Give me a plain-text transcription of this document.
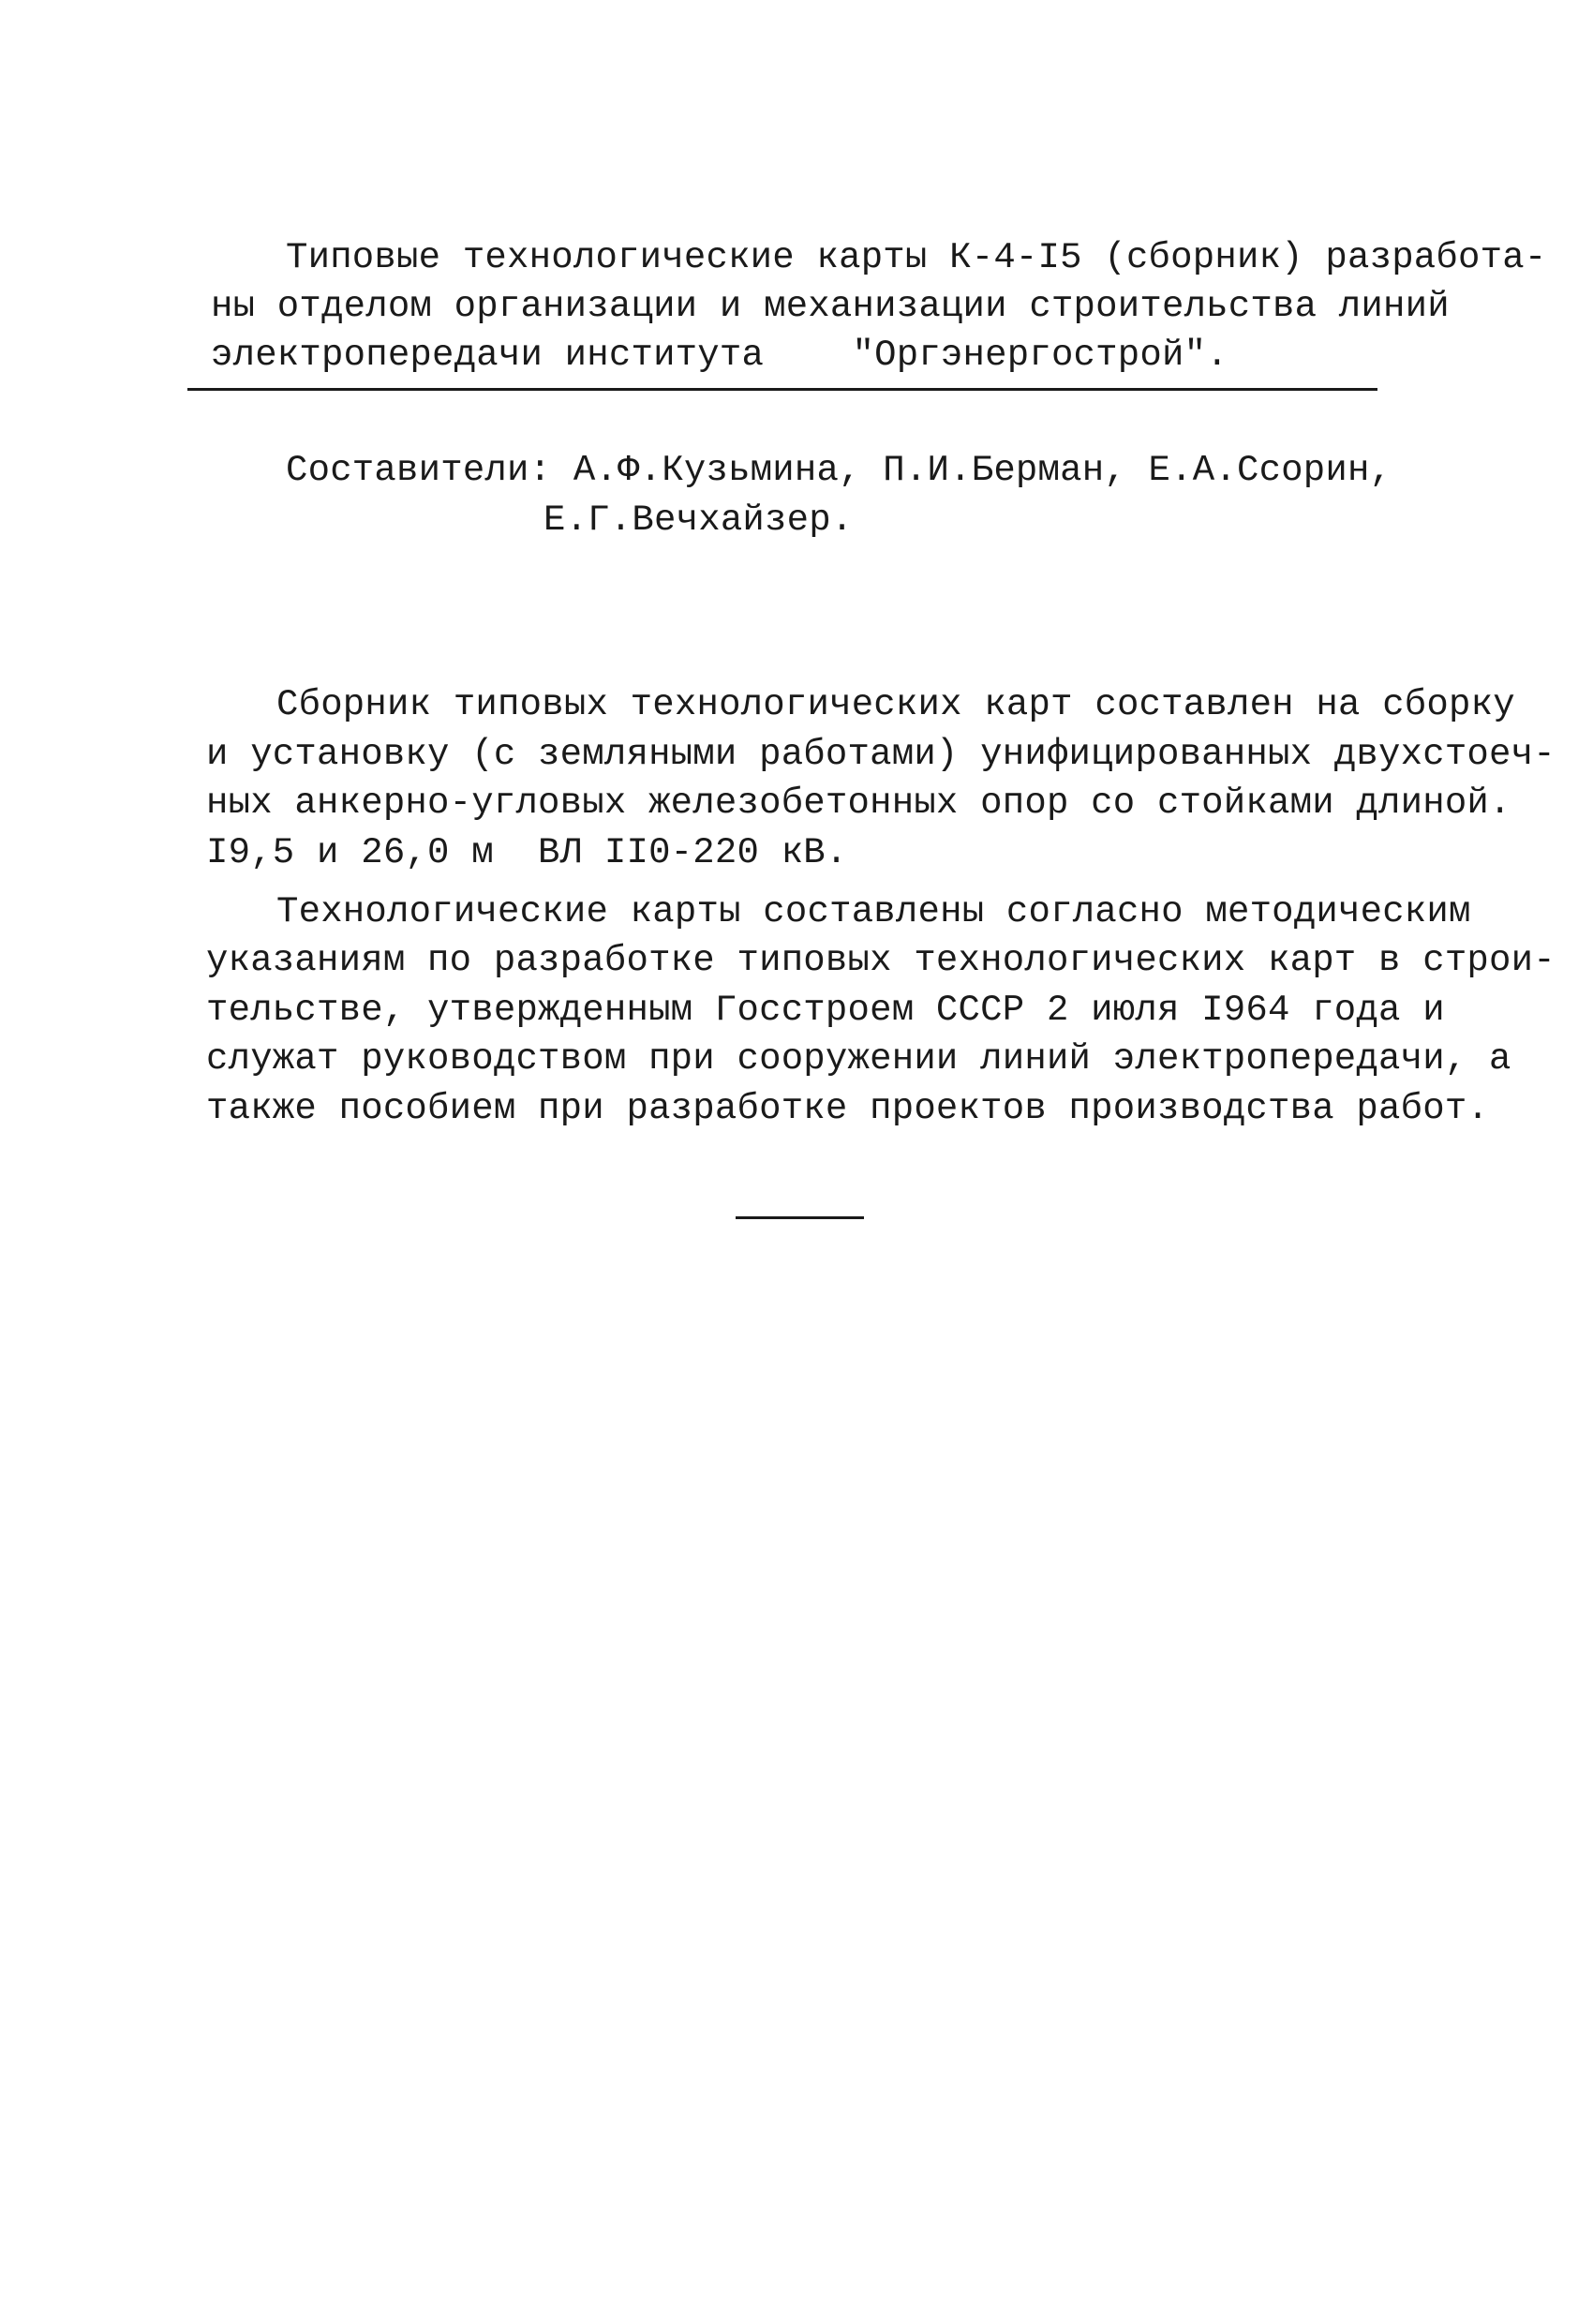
Типовые технологические карты К-4-I5 (сборник) разработа-
ны отделом организации и механизации строительства линий
электропередачи института    "Оргэнергострой".
Составители: А.Ф.Кузьмина, П.И.Берман, Е.А.Ссорин,
Е.Г.Вечхайзер.
Сборник типовых технологических карт составлен на сборку
и установку (с земляными работами) унифицированных двухстоеч-
ных анкерно-угловых железобетонных опор со стойками длиной.
I9,5 и 26,0 м  ВЛ II0-220 кВ.
Технологические карты составлены согласно методическим
указаниям по разработке типовых технологических карт в строи-
тельстве, утвержденным Госстроем СССР 2 июля I964 года и
служат руководством при сооружении линий электропередачи, а
также пособием при разработке проектов производства работ.
